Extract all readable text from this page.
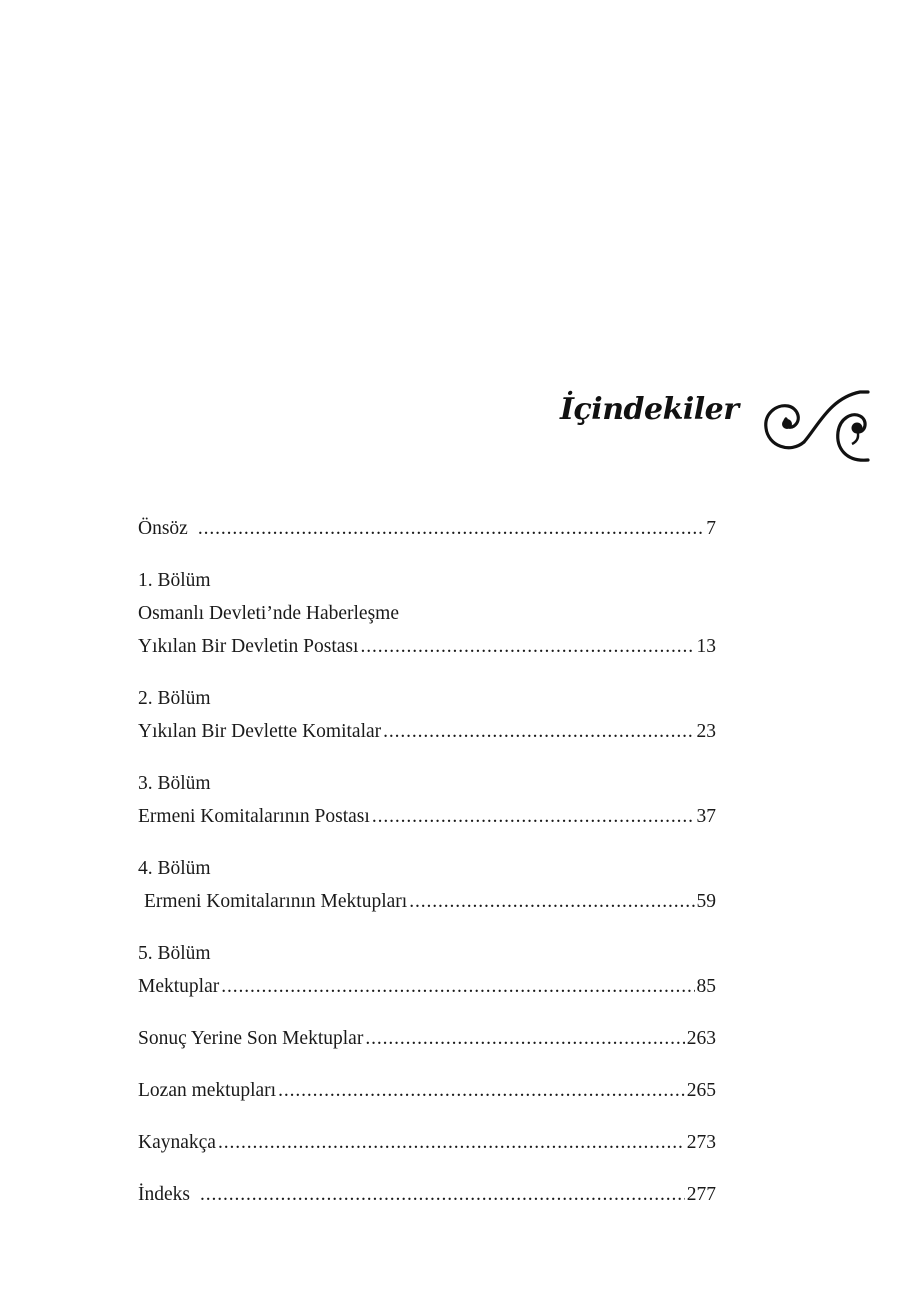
İçindekiler
Önsöz . . .	7
1. Bölüm
Osmanlı Devleti’nde Haberleşme
Yıkılan Bir Devletin Postası . . .	13
2. Bölüm
Yıkılan Bir Devlette Komitalar . . .	23
3. Bölüm
Ermeni Komitalarının Postası . . .	37
4. Bölüm
Ermeni Komitalarının Mektupları . . .	59
5. Bölüm
Mektuplar . . .	85
Sonuç Yerine Son Mektuplar . . .	263
Lozan mektupları . . .	265
Kaynakça . . .	273
İndeks . . .	277
